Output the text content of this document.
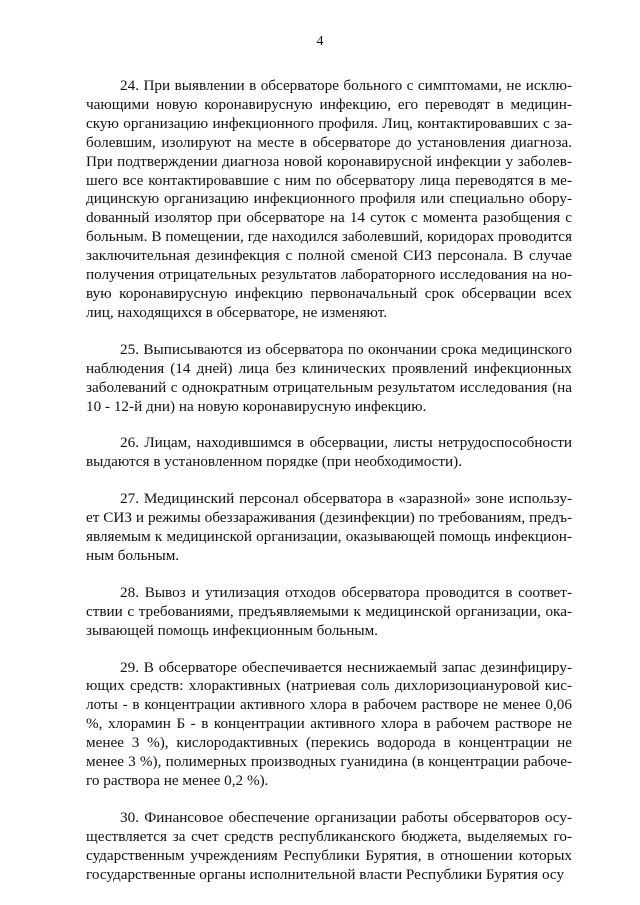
4

24. При выявлении в обсерваторе больного с симптомами, не исключающими новую коронавирусную инфекцию, его переводят в медицинскую организацию инфекционного профиля. Лиц, контактировавших с заболевшим, изолируют на месте в обсерваторе до установления диагноза. При подтверждении диагноза новой коронавирусной инфекции у заболевшего все контактировавшие с ним по обсерватору лица переводятся в медицинскую организацию инфекционного профиля или специально оборуdованный изолятор при обсерваторе на 14 суток с момента разобщения с больным. В помещении, где находился заболевший, коридорах проводится заключительная дезинфекция с полной сменой СИЗ персонала. В случае получения отрицательных результатов лабораторного исследования на новую коронавирусную инфекцию первоначальный срок обсервации всех лиц, находящихся в обсерваторе, не изменяют.

25. Выписываются из обсерватора по окончании срока медицинского наблюдения (14 дней) лица без клинических проявлений инфекционных заболеваний с однократным отрицательным результатом исследования (на 10 - 12-й дни) на новую коронавирусную инфекцию.

26. Лицам, находившимся в обсервации, листы нетрудоспособности выдаются в установленном порядке (при необходимости).

27. Медицинский персонал обсерватора в «заразной» зоне использует СИЗ и режимы обеззараживания (дезинфекции) по требованиям, предъявляемым к медицинской организации, оказывающей помощь инфекционным больным.

28. Вывоз и утилизация отходов обсерватора проводится в соответствии с требованиями, предъявляемыми к медицинской организации, оказывающей помощь инфекционным больным.

29. В обсерваторе обеспечивается неснижаемый запас дезинфицирующих средств: хлорактивных (натриевая соль дихлоризоциануровой кислоты - в концентрации активного хлора в рабочем растворе не менее 0,06 %, хлорамин Б - в концентрации активного хлора в рабочем растворе не менее 3 %), кислородактивных (перекись водорода в концентрации не менее 3 %), полимерных производных гуанидина (в концентрации рабочего раствора не менее 0,2 %).

30. Финансовое обеспечение организации работы обсерваторов осуществляется за счет средств республиканского бюджета, выделяемых государственным учреждениям Республики Бурятия, в отношении которых государственные органы исполнительной власти Республики Бурятия осу
